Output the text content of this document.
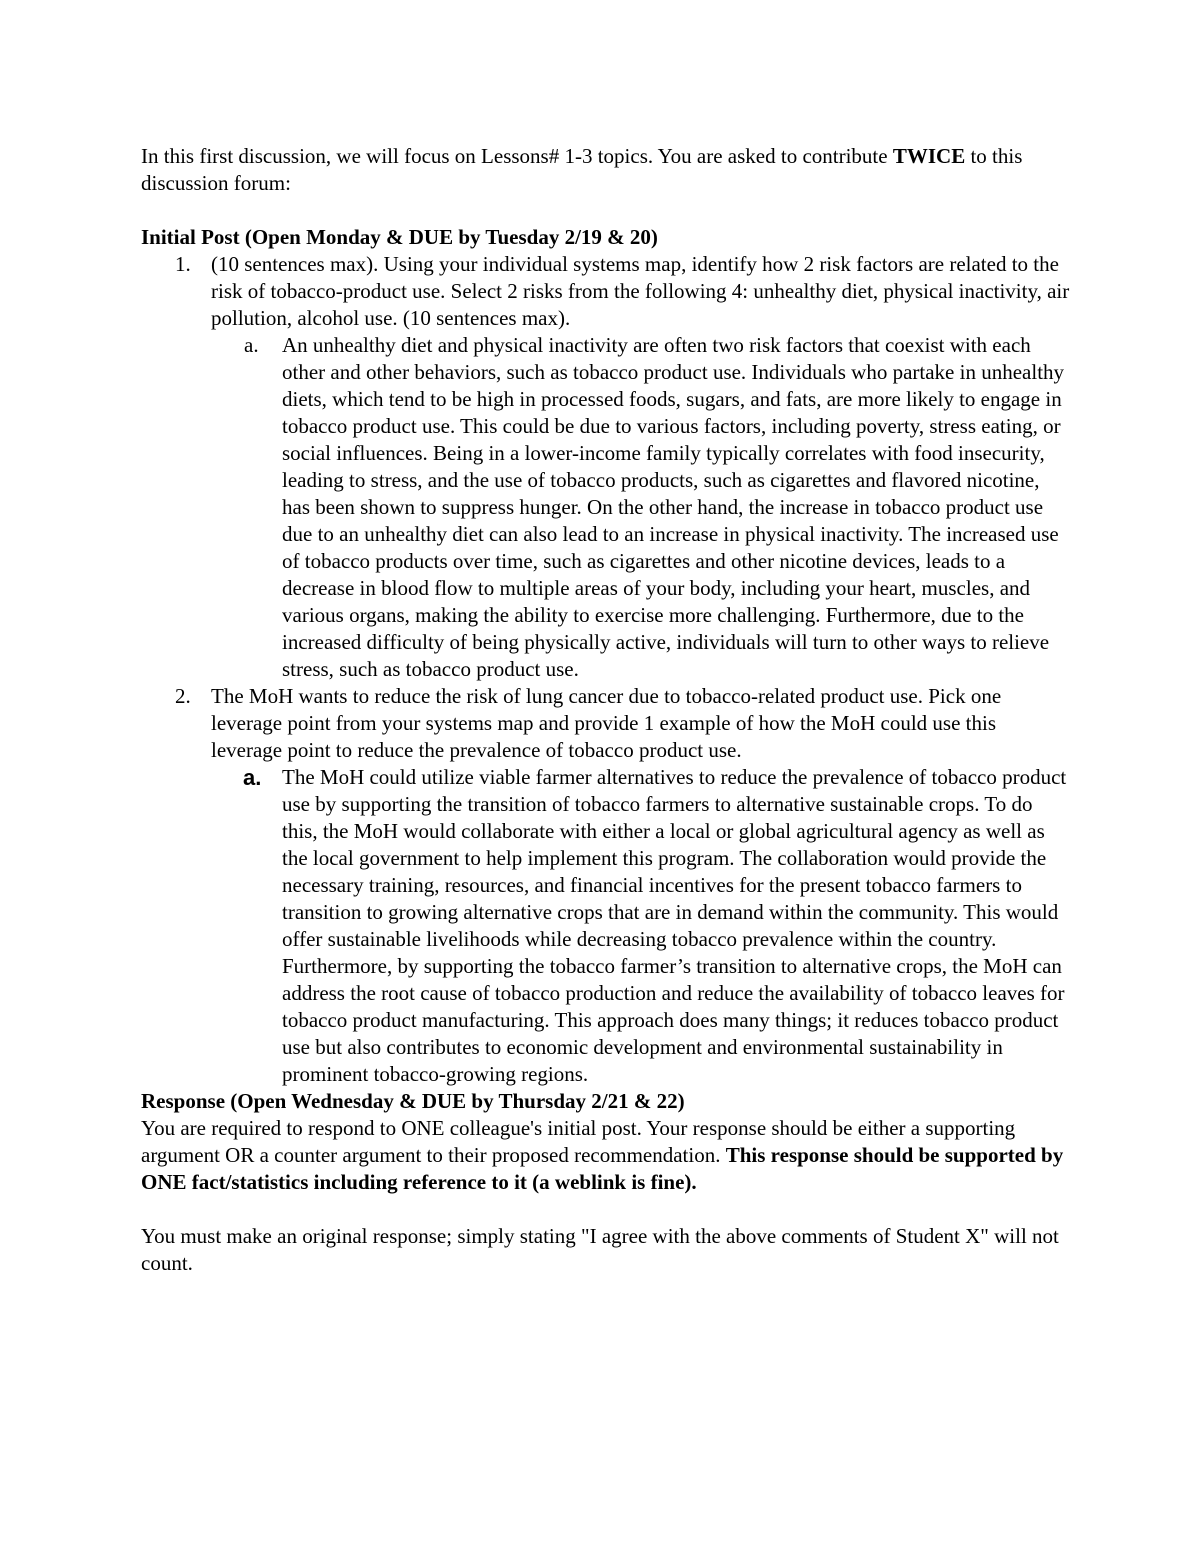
In this first discussion, we will focus on Lessons# 1-3 topics. You are asked to contribute TWICE to this discussion forum:

Initial Post (Open Monday & DUE by Tuesday 2/19 & 20)

1. (10 sentences max). Using your individual systems map, identify how 2 risk factors are related to the risk of tobacco-product use. Select 2 risks from the following 4: unhealthy diet, physical inactivity, air pollution, alcohol use. (10 sentences max).

a. An unhealthy diet and physical inactivity are often two risk factors that coexist with each other and other behaviors, such as tobacco product use. Individuals who partake in unhealthy diets, which tend to be high in processed foods, sugars, and fats, are more likely to engage in tobacco product use. This could be due to various factors, including poverty, stress eating, or social influences. Being in a lower-income family typically correlates with food insecurity, leading to stress, and the use of tobacco products, such as cigarettes and flavored nicotine, has been shown to suppress hunger. On the other hand, the increase in tobacco product use due to an unhealthy diet can also lead to an increase in physical inactivity. The increased use of tobacco products over time, such as cigarettes and other nicotine devices, leads to a decrease in blood flow to multiple areas of your body, including your heart, muscles, and various organs, making the ability to exercise more challenging. Furthermore, due to the increased difficulty of being physically active, individuals will turn to other ways to relieve stress, such as tobacco product use.

2. The MoH wants to reduce the risk of lung cancer due to tobacco-related product use. Pick one leverage point from your systems map and provide 1 example of how the MoH could use this leverage point to reduce the prevalence of tobacco product use.

a. The MoH could utilize viable farmer alternatives to reduce the prevalence of tobacco product use by supporting the transition of tobacco farmers to alternative sustainable crops. To do this, the MoH would collaborate with either a local or global agricultural agency as well as the local government to help implement this program. The collaboration would provide the necessary training, resources, and financial incentives for the present tobacco farmers to transition to growing alternative crops that are in demand within the community. This would offer sustainable livelihoods while decreasing tobacco prevalence within the country. Furthermore, by supporting the tobacco farmer’s transition to alternative crops, the MoH can address the root cause of tobacco production and reduce the availability of tobacco leaves for tobacco product manufacturing. This approach does many things; it reduces tobacco product use but also contributes to economic development and environmental sustainability in prominent tobacco-growing regions.

Response (Open Wednesday & DUE by Thursday 2/21 & 22)

You are required to respond to ONE colleague's initial post. Your response should be either a supporting argument OR a counter argument to their proposed recommendation. This response should be supported by ONE fact/statistics including reference to it (a weblink is fine).

You must make an original response; simply stating "I agree with the above comments of Student X" will not count.
